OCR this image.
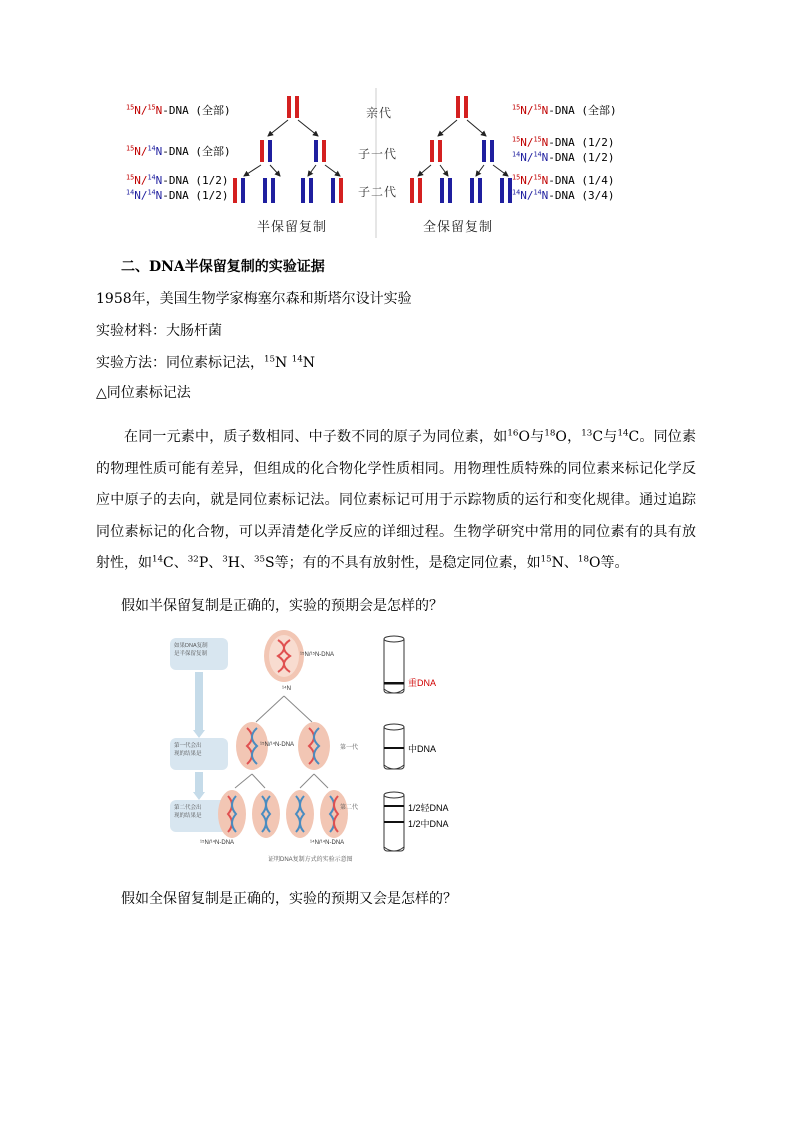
亲代
子一代
子二代
半保留复制	全保留复制
$^{15}$N/$^{15}$N-DNA (全部)
$^{15}$N/$^{14}$N-DNA (全部)
$^{15}$N/$^{14}$N-DNA (1/2)
$^{14}$N/$^{14}$N-DNA (1/2)
$^{15}$N/$^{15}$N-DNA (全部)
$^{15}$N/$^{15}$N-DNA (1/2)
$^{14}$N/$^{14}$N-DNA (1/2)
$^{15}$N/$^{15}$N-DNA (1/4)
$^{14}$N/$^{14}$N-DNA (3/4)
二、DNA半保留复制的实验证据
1958年，美国生物学家梅塞尔森和斯塔尔设计实验
实验材料：大肠杆菌
实验方法：同位素标记法，$^{15}$N $^{14}$N
△同位素标记法
在同一元素中，质子数相同、中子数不同的原子为同位素，如$^{16}$O与$^{18}$O，$^{13}$C与$^{14}$C。同位素的物理性质可能有差异，但组成的化合物化学性质相同。用物理性质特殊的同位素来标记化学反应中原子的去向，就是同位素标记法。同位素标记可用于示踪物质的运行和变化规律。通过追踪同位素标记的化合物，可以弄清楚化学反应的详细过程。生物学研究中常用的同位素有的具有放射性，如$^{14}$C、$^{32}$P、$^3$H、$^{35}$S等；有的不具有放射性，是稳定同位素，如$^{15}$N、$^{18}$O等。
假如半保留复制是正确的，实验的预期会是怎样的？
如果DNA复制
是半保留复制
第一代会出
现的结果是
第二代会出
现的结果是
¹⁵N/¹⁵N-DNA
¹⁴N
¹⁵N/¹⁴N-DNA	第一代
第二代
¹⁵N/¹⁴N-DNA	¹⁴N/¹⁴N-DNA
证明DNA复制方式的实验示意图
重DNA
中DNA
1/2轻DNA
1/2中DNA
假如全保留复制是正确的，实验的预期又会是怎样的？
